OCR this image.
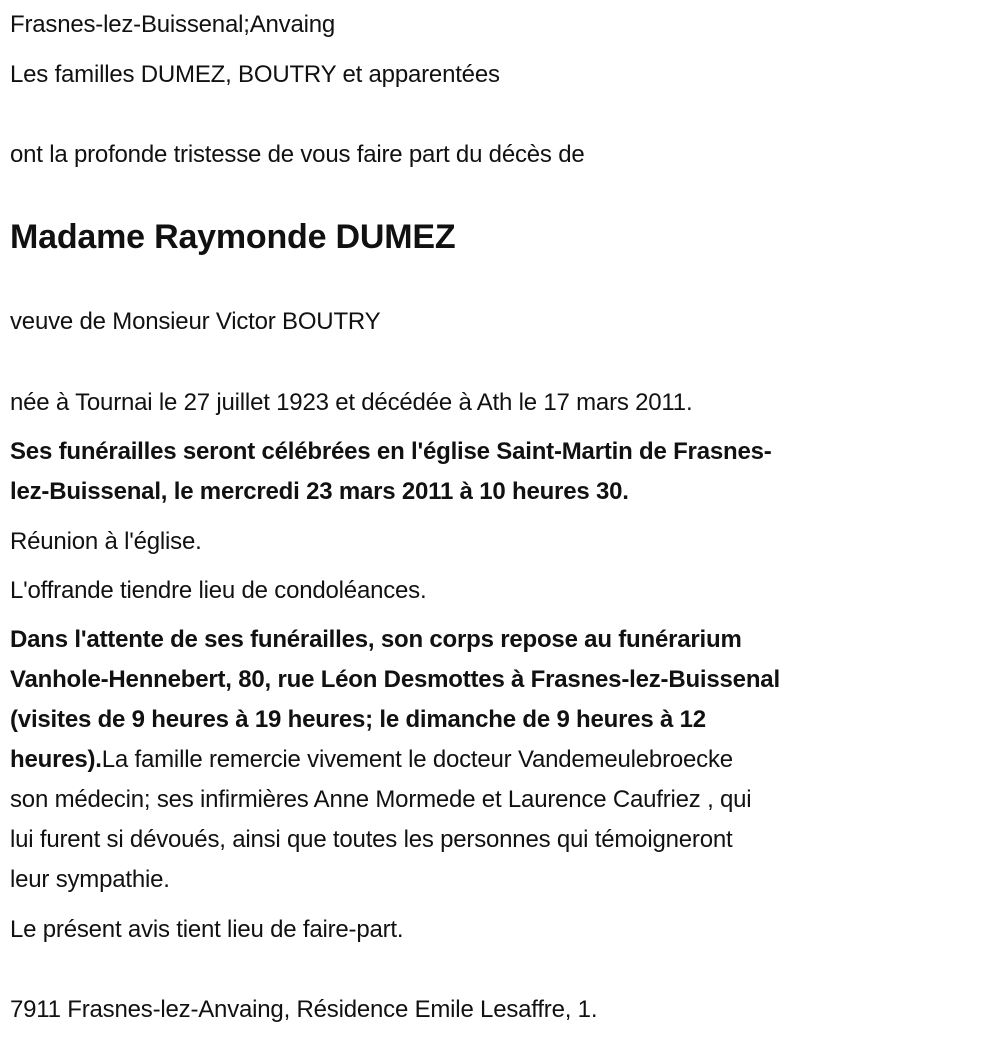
Frasnes-lez-Buissenal;Anvaing
Les familles DUMEZ, BOUTRY et apparentées
ont la profonde tristesse de vous faire part du décès de
Madame Raymonde DUMEZ
veuve de Monsieur Victor BOUTRY
née à Tournai le 27 juillet 1923 et décédée à Ath le 17 mars 2011.
Ses funérailles seront célébrées en l'église Saint-Martin de Frasnes-
lez-Buissenal, le mercredi 23 mars 2011 à 10 heures 30.
Réunion à l'église.
L'offrande tiendre lieu de condoléances.
Dans l'attente de ses funérailles, son corps repose au funérarium
Vanhole-Hennebert, 80, rue Léon Desmottes à Frasnes-lez-Buissenal
(visites de 9 heures à 19 heures; le dimanche de 9 heures à 12
heures).La famille remercie vivement le docteur Vandemeulebroecke
son médecin; ses infirmières Anne Mormede et Laurence Caufriez , qui
lui furent si dévoués, ainsi que toutes les personnes qui témoigneront
leur sympathie.
Le présent avis tient lieu de faire-part.
7911 Frasnes-lez-Anvaing, Résidence Emile Lesaffre, 1.
